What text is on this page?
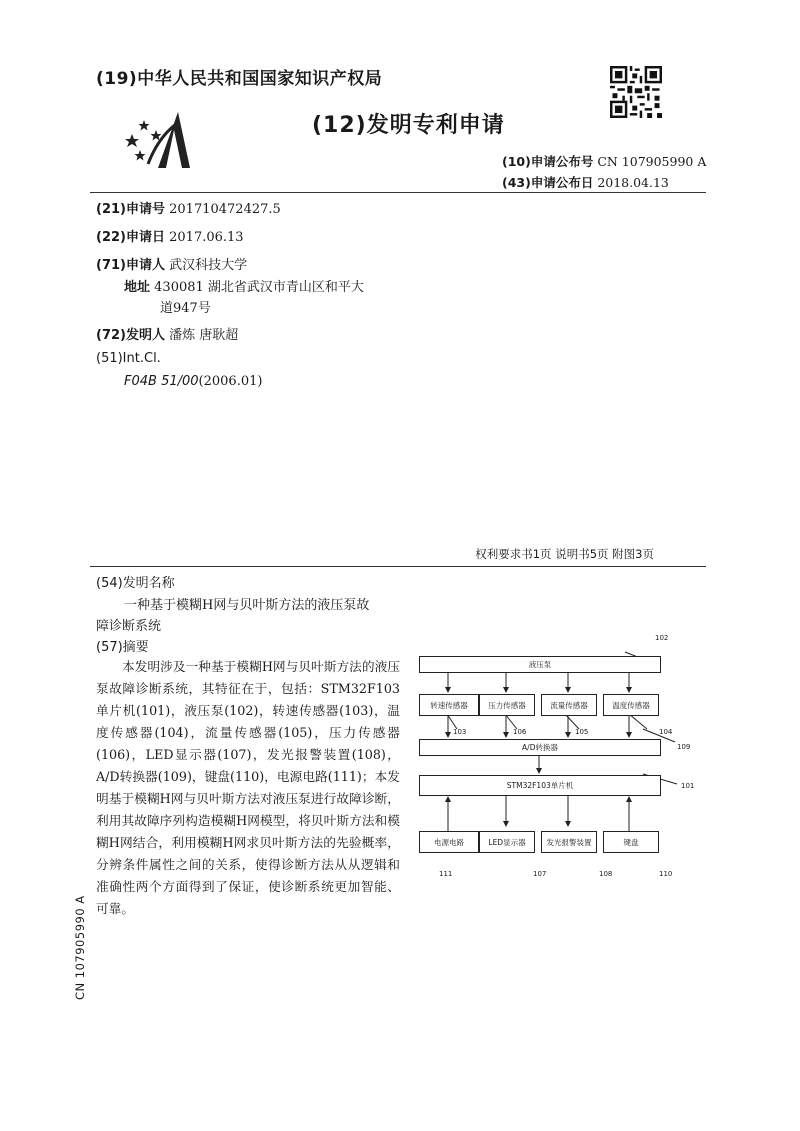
(19)中华人民共和国国家知识产权局
(12)发明专利申请
(10)申请公布号 CN 107905990 A
(43)申请公布日 2018.04.13
(21)申请号 201710472427.5
(22)申请日 2017.06.13
(71)申请人 武汉科技大学
地址 430081 湖北省武汉市青山区和平大
道947号
(72)发明人 潘炼 唐耿超
(51)Int.Cl.
F04B 51/00(2006.01)
权利要求书1页 说明书5页 附图3页
(54)发明名称
一种基于模糊H网与贝叶斯方法的液压泵故
障诊断系统
(57)摘要
本发明涉及一种基于模糊H网与贝叶斯方法的液压泵故障诊断系统，其特征在于，包括：STM32F103单片机(101)，液压泵(102)，转速传感器(103)，温度传感器(104)，流量传感器(105)，压力传感器(106)，LED显示器(107)，发光报警装置(108)，A/D转换器(109)，键盘(110)，电源电路(111)；本发明基于模糊H网与贝叶斯方法对液压泵进行故障诊断，利用其故障序列构造模糊H网模型，将贝叶斯方法和模糊H网结合，利用模糊H网求贝叶斯方法的先验概率，分辨条件属性之间的关系，使得诊断方法从从逻辑和准确性两个方面得到了保证，使诊断系统更加智能、可靠。
CN 107905990 A
液压泵
转速传感器	压力传感器	流量传感器	温度传感器
A/D转换器
STM32F103单片机
电源电路	LED显示器	发光报警装置	键盘
102
103	106	105	104
109
101
111	107	108	110
